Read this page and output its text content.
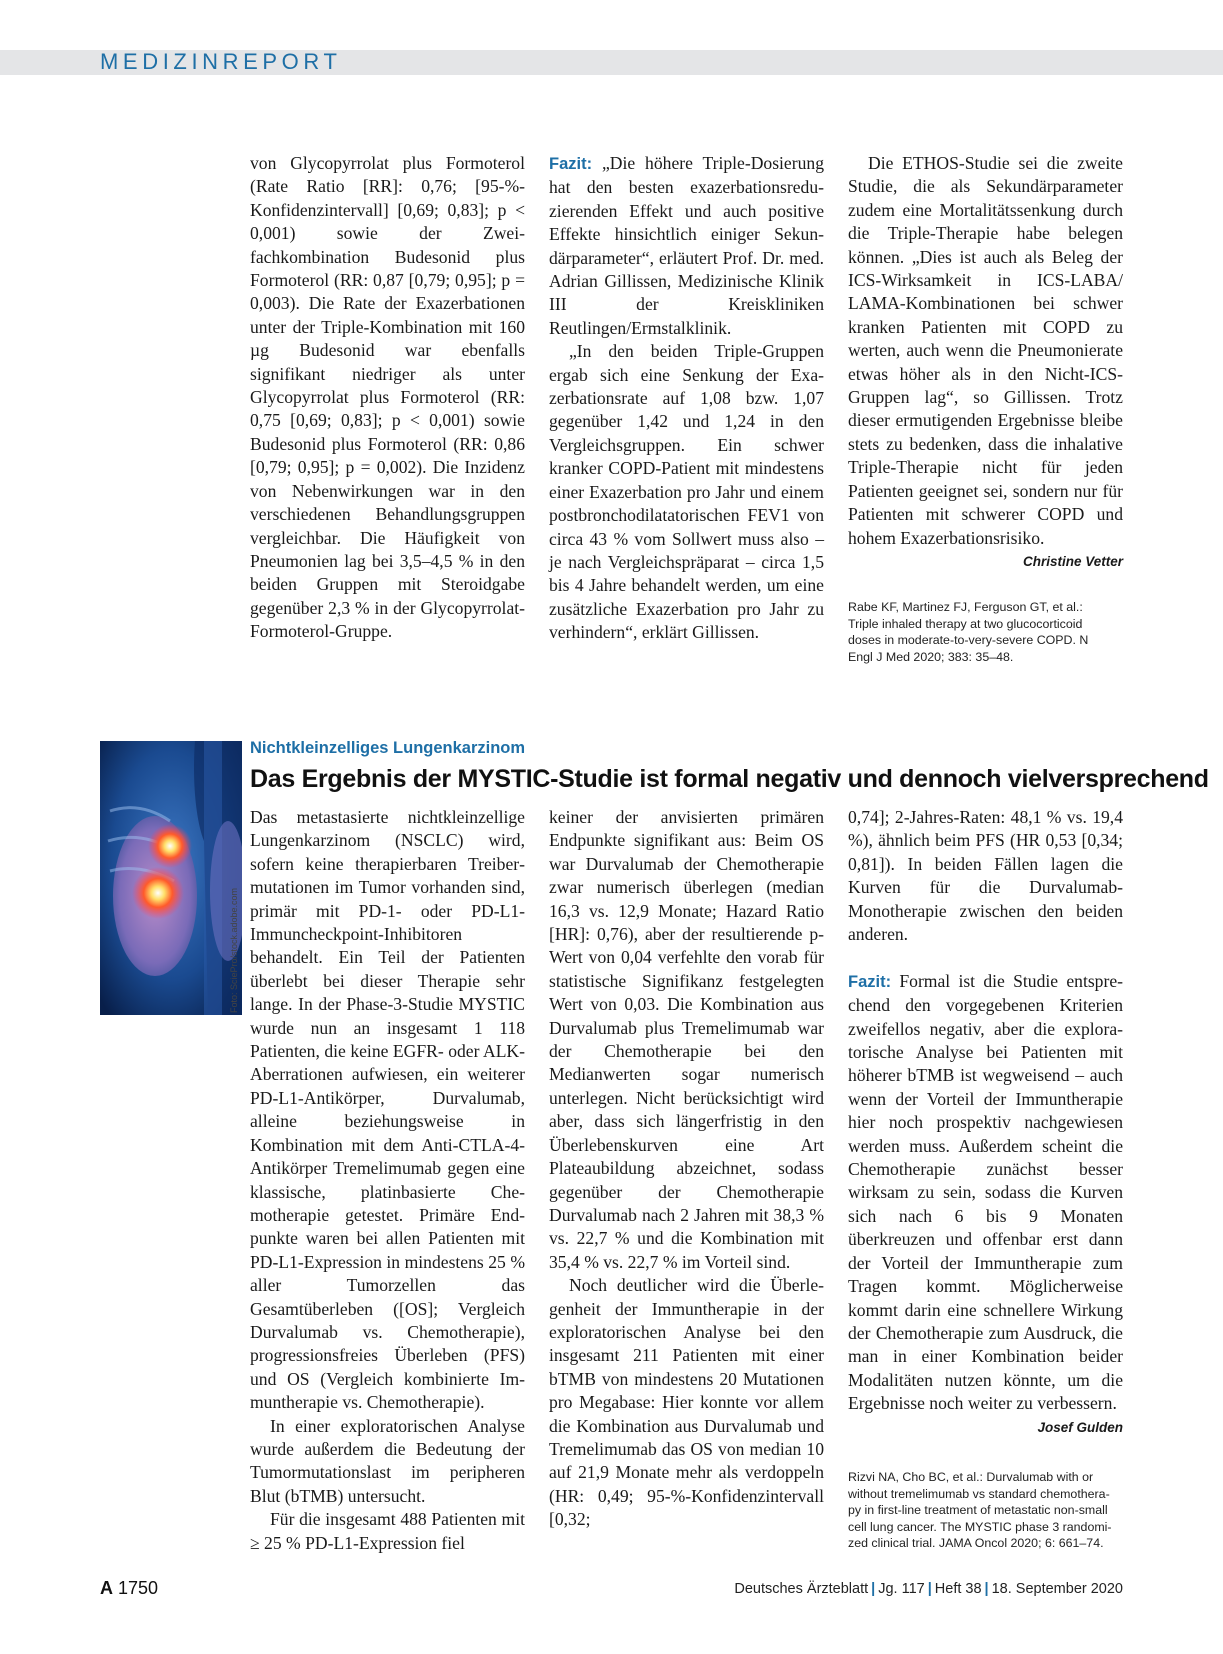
MEDIZINREPORT

von Glycopyrrolat plus Formoterol (Rate Ratio [RR]: 0,76; [95-%-Konfidenzintervall] [0,69; 0,83]; p < 0,001) sowie der Zweifachkombination Budesonid plus Formoterol (RR: 0,87 [0,79; 0,95]; p = 0,003). Die Rate der Exazerbationen unter der Triple-Kombination mit 160 µg Budesonid war ebenfalls signifikant niedriger als unter Glycopyrrolat plus Formoterol (RR: 0,75 [0,69; 0,83]; p < 0,001) sowie Budesonid plus Formoterol (RR: 0,86 [0,79; 0,95]; p = 0,002). Die Inzidenz von Nebenwirkungen war in den verschiedenen Behandlungsgruppen vergleichbar. Die Häufigkeit von Pneumonien lag bei 3,5–4,5 % in den beiden Gruppen mit Steroidgabe gegenüber 2,3 % in der Glycopyrrolat-Formoterol-Gruppe.

Fazit: „Die höhere Triple-Dosierung hat den besten exazerbationsreduzierenden Effekt und auch positive Effekte hinsichtlich einiger Sekundärparameter“, erläutert Prof. Dr. med. Adrian Gillissen, Medizinische Klinik III der Kreiskliniken Reutlingen/Ermstalklinik.

„In den beiden Triple-Gruppen ergab sich eine Senkung der Exazerbationsrate auf 1,08 bzw. 1,07 gegenüber 1,42 und 1,24 in den Vergleichsgruppen. Ein schwer kranker COPD-Patient mit mindestens einer Exazerbation pro Jahr und einem postbronchodilatatorischen FEV1 von circa 43 % vom Sollwert muss also – je nach Vergleichspräparat – circa 1,5 bis 4 Jahre behandelt werden, um eine zusätzliche Exazerbation pro Jahr zu verhindern“, erklärt Gillissen.

Die ETHOS-Studie sei die zweite Studie, die als Sekundärparameter zudem eine Mortalitätssenkung durch die Triple-Therapie habe belegen können. „Dies ist auch als Beleg der ICS-Wirksamkeit in ICS-LABA/ LAMA-Kombinationen bei schwer kranken Patienten mit COPD zu werten, auch wenn die Pneumonierate etwas höher als in den Nicht-ICS-Gruppen lag“, so Gillissen. Trotz dieser ermutigenden Ergebnisse bleibe stets zu bedenken, dass die inhalative Triple-Therapie nicht für jeden Patienten geeignet sei, sondern nur für Patienten mit schwerer COPD und hohem Exazerbationsrisiko.
Christine Vetter

Rabe KF, Martinez FJ, Ferguson GT, et al.: Triple inhaled therapy at two glucocorticoid doses in moderate-to-very-severe COPD. N Engl J Med 2020; 383: 35–48.
Foto: SciePro/stock.adobe.com
Nichtkleinzelliges Lungenkarzinom
Das Ergebnis der MYSTIC-Studie ist formal negativ und dennoch vielversprechend

Das metastasierte nichtkleinzellige Lungenkarzinom (NSCLC) wird, sofern keine therapierbaren Treibermutationen im Tumor vorhanden sind, primär mit PD-1- oder PD-L1-Immuncheckpoint-Inhibitoren behandelt. Ein Teil der Patienten überlebt bei dieser Therapie sehr lange. In der Phase-3-Studie MYSTIC wurde nun an insgesamt 1 118 Patienten, die keine EGFR- oder ALK-Aberrationen aufwiesen, ein weiterer PD-L1-Antikörper, Durvalumab, alleine beziehungsweise in Kombination mit dem Anti-CTLA-4-Antikörper Tremelimumab gegen eine klassische, platinbasierte Chemotherapie getestet. Primäre Endpunkte waren bei allen Patienten mit PD-L1-Expression in mindestens 25 % aller Tumorzellen das Gesamtüberleben ([OS]; Vergleich Durvalumab vs. Chemotherapie), progressionsfreies Überleben (PFS) und OS (Vergleich kombinierte Immuntherapie vs. Chemotherapie).

In einer exploratorischen Analyse wurde außerdem die Bedeutung der Tumormutationslast im peripheren Blut (bTMB) untersucht.

Für die insgesamt 488 Patienten mit ≥ 25 % PD-L1-Expression fiel

keiner der anvisierten primären Endpunkte signifikant aus: Beim OS war Durvalumab der Chemotherapie zwar numerisch überlegen (median 16,3 vs. 12,9 Monate; Hazard Ratio [HR]: 0,76), aber der resultierende p-Wert von 0,04 verfehlte den vorab für statistische Signifikanz festgelegten Wert von 0,03. Die Kombination aus Durvalumab plus Tremelimumab war der Chemotherapie bei den Medianwerten sogar numerisch unterlegen. Nicht berücksichtigt wird aber, dass sich längerfristig in den Überlebenskurven eine Art Plateaubildung abzeichnet, sodass gegenüber der Chemotherapie Durvalumab nach 2 Jahren mit 38,3 % vs. 22,7 % und die Kombination mit 35,4 % vs. 22,7 % im Vorteil sind.

Noch deutlicher wird die Überlegenheit der Immuntherapie in der exploratorischen Analyse bei den insgesamt 211 Patienten mit einer bTMB von mindestens 20 Mutationen pro Megabase: Hier konnte vor allem die Kombination aus Durvalumab und Tremelimumab das OS von median 10 auf 21,9 Monate mehr als verdoppeln (HR: 0,49; 95-%-Konfidenzintervall [0,32;

0,74]; 2-Jahres-Raten: 48,1 % vs. 19,4 %), ähnlich beim PFS (HR 0,53 [0,34; 0,81]). In beiden Fällen lagen die Kurven für die Durvalumab-Monotherapie zwischen den beiden anderen.

Fazit: Formal ist die Studie entsprechend den vorgegebenen Kriterien zweifellos negativ, aber die exploratorische Analyse bei Patienten mit höherer bTMB ist wegweisend – auch wenn der Vorteil der Immuntherapie hier noch prospektiv nachgewiesen werden muss. Außerdem scheint die Chemotherapie zunächst besser wirksam zu sein, sodass die Kurven sich nach 6 bis 9 Monaten überkreuzen und offenbar erst dann der Vorteil der Immuntherapie zum Tragen kommt. Möglicherweise kommt darin eine schnellere Wirkung der Chemotherapie zum Ausdruck, die man in einer Kombination beider Modalitäten nutzen könnte, um die Ergebnisse noch weiter zu verbessern.
Josef Gulden

Rizvi NA, Cho BC, et al.: Durvalumab with or without tremelimumab vs standard chemotherapy in first-line treatment of metastatic non-small cell lung cancer. The MYSTIC phase 3 randomized clinical trial. JAMA Oncol 2020; 6: 661–74.
A 1750	Deutsches Ärzteblatt | Jg. 117 | Heft 38 | 18. September 2020
